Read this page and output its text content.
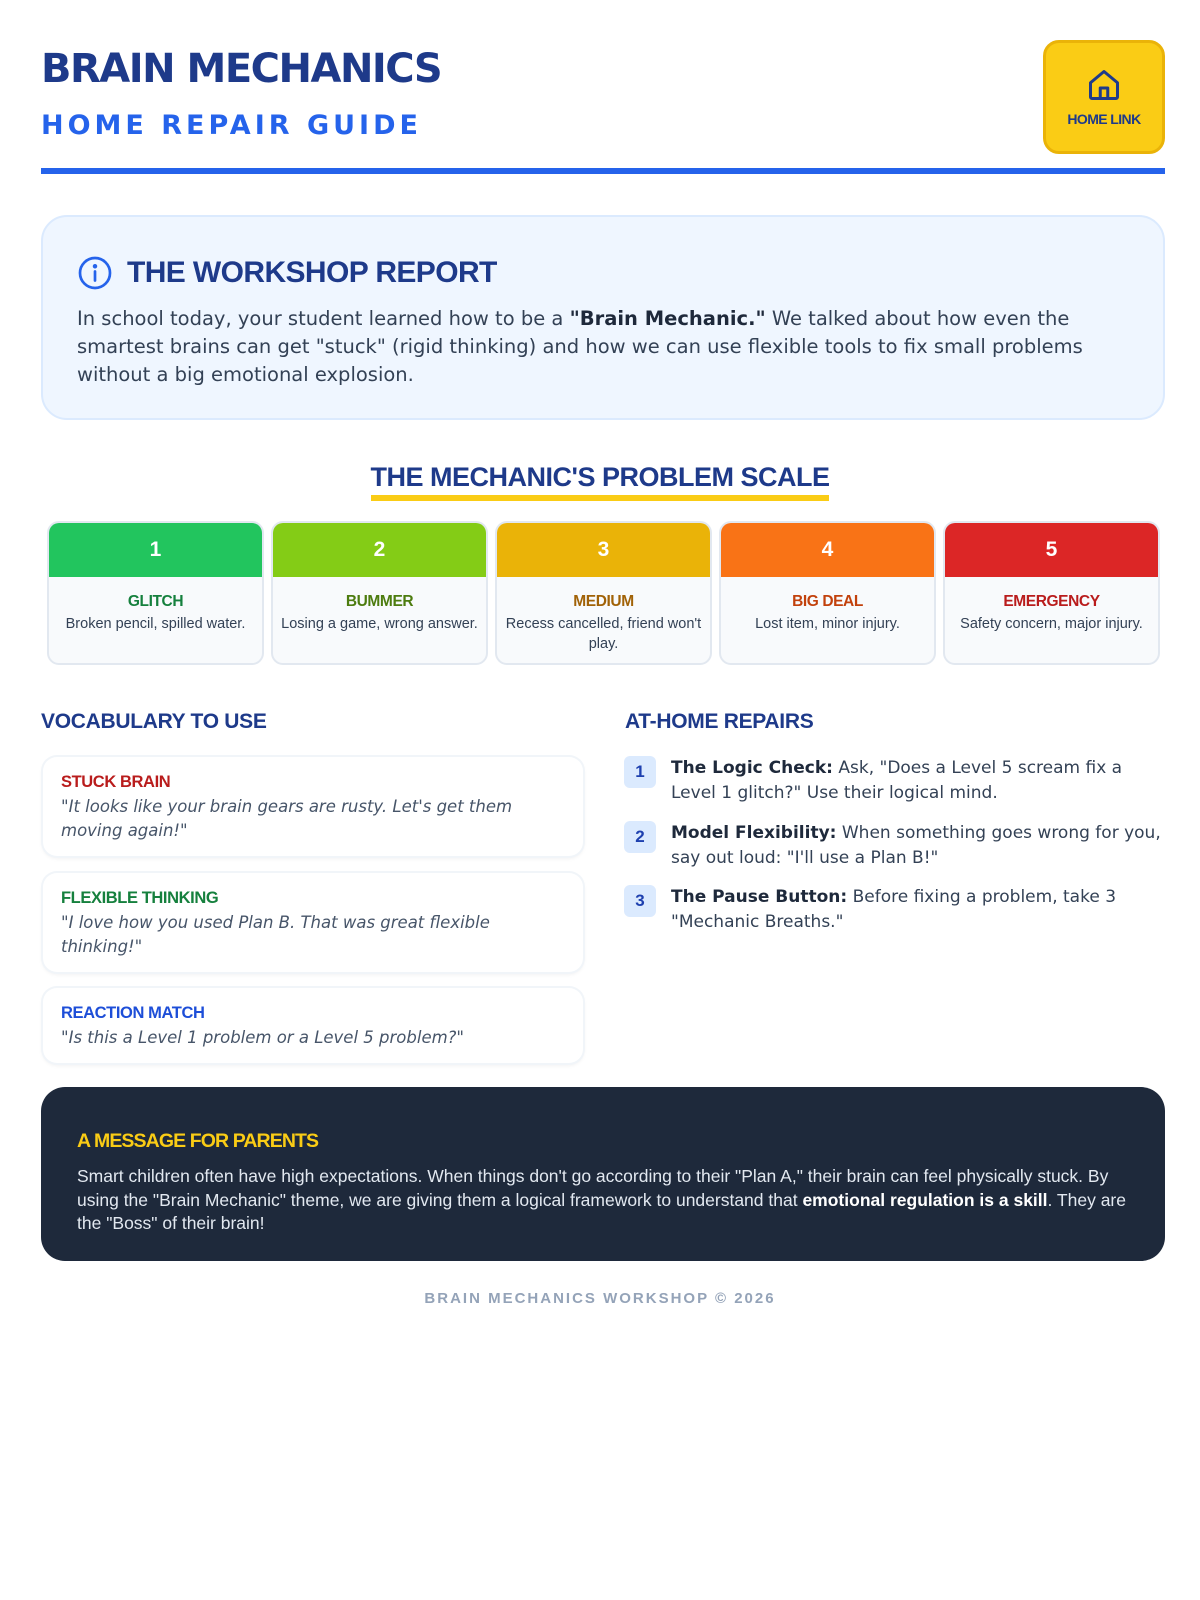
BRAIN MECHANICS
HOME REPAIR GUIDE	HOME LINK
THE WORKSHOP REPORT
In school today, your student learned how to be a "Brain Mechanic." We talked about how even the smartest brains can get "stuck" (rigid thinking) and how we can use flexible tools to fix small problems without a big emotional explosion.
THE MECHANIC'S PROBLEM SCALE
1
GLITCH
Broken pencil, spilled water.
2
BUMMER
Losing a game, wrong answer.
3
MEDIUM
Recess cancelled, friend won't play.
4
BIG DEAL
Lost item, minor injury.
5
EMERGENCY
Safety concern, major injury.
VOCABULARY TO USE
STUCK BRAIN
"It looks like your brain gears are rusty. Let's get them moving again!"
FLEXIBLE THINKING
"I love how you used Plan B. That was great flexible thinking!"
REACTION MATCH
"Is this a Level 1 problem or a Level 5 problem?"
AT-HOME REPAIRS
1	The Logic Check: Ask, "Does a Level 5 scream fix a Level 1 glitch?" Use their logical mind.
2	Model Flexibility: When something goes wrong for you, say out loud: "I'll use a Plan B!"
3	The Pause Button: Before fixing a problem, take 3 "Mechanic Breaths."
A MESSAGE FOR PARENTS
Smart children often have high expectations. When things don't go according to their "Plan A," their brain can feel physically stuck. By using the "Brain Mechanic" theme, we are giving them a logical framework to understand that emotional regulation is a skill. They are the "Boss" of their brain!
BRAIN MECHANICS WORKSHOP © 2026
